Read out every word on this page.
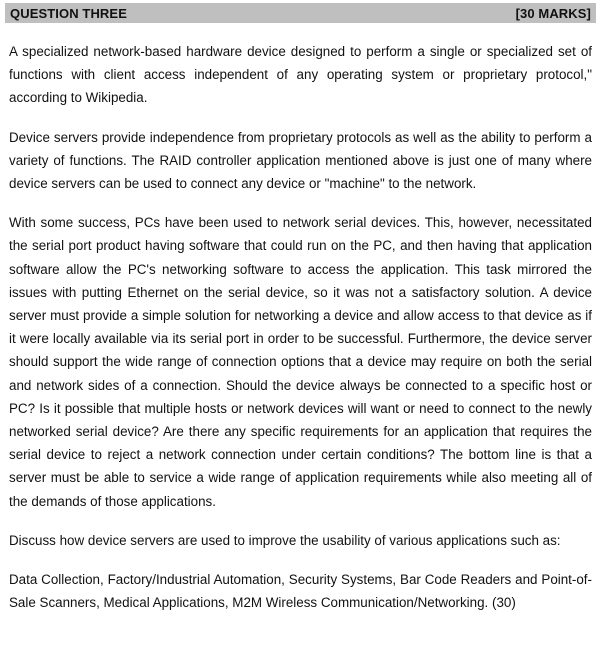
QUESTION THREE	[30 MARKS]

A specialized network-based hardware device designed to perform a single or specialized set of functions with client access independent of any operating system or proprietary protocol," according to Wikipedia.

Device servers provide independence from proprietary protocols as well as the ability to perform a variety of functions. The RAID controller application mentioned above is just one of many where device servers can be used to connect any device or "machine" to the network.

With some success, PCs have been used to network serial devices. This, however, necessitated the serial port product having software that could run on the PC, and then having that application software allow the PC's networking software to access the application. This task mirrored the issues with putting Ethernet on the serial device, so it was not a satisfactory solution. A device server must provide a simple solution for networking a device and allow access to that device as if it were locally available via its serial port in order to be successful. Furthermore, the device server should support the wide range of connection options that a device may require on both the serial and network sides of a connection. Should the device always be connected to a specific host or PC? Is it possible that multiple hosts or network devices will want or need to connect to the newly networked serial device? Are there any specific requirements for an application that requires the serial device to reject a network connection under certain conditions? The bottom line is that a server must be able to service a wide range of application requirements while also meeting all of the demands of those applications.

Discuss how device servers are used to improve the usability of various applications such as:

Data Collection, Factory/Industrial Automation, Security Systems, Bar Code Readers and Point-of-Sale Scanners, Medical Applications, M2M Wireless Communication/Networking. (30)
